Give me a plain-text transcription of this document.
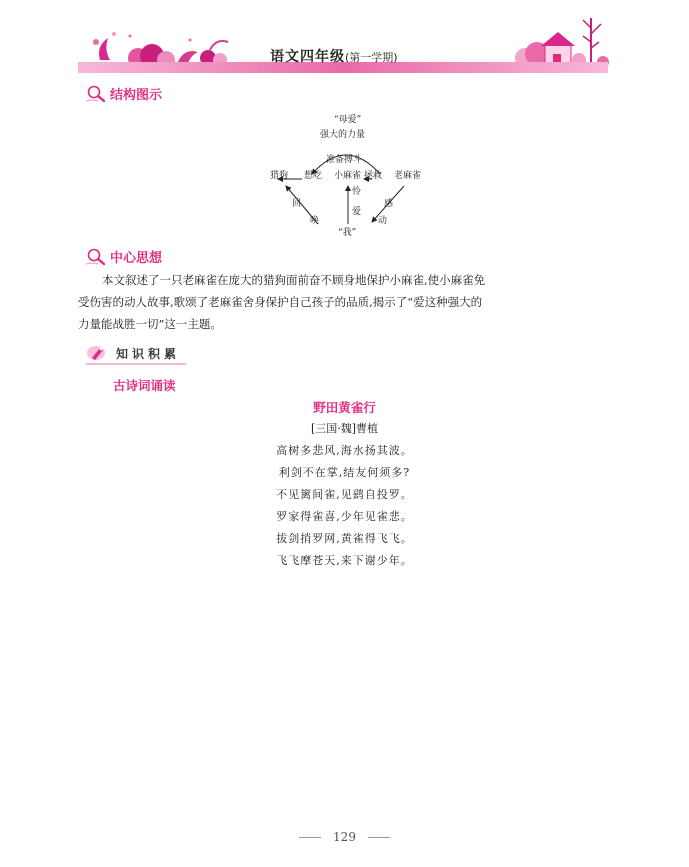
语文四年级(第一学期)
结构图示
“母爱”
强大的力量
准备搏斗
猎狗 想吃 小麻雀 拯救 老麻雀
回
唤
怜
爱
感
动
“我”
中心思想
本文叙述了一只老麻雀在庞大的猎狗面前奋不顾身地保护小麻雀,使小麻雀免
受伤害的动人故事,歌颂了老麻雀舍身保护自己孩子的品质,揭示了“爱这种强大的
力量能战胜一切”这一主题。
知识积累
古诗词诵读
野田黄雀行
[三国·魏]曹植
高树多悲风,海水扬其波。
利剑不在掌,结友何须多?
不见篱间雀,见鹞自投罗。
罗家得雀喜,少年见雀悲。
拔剑捎罗网,黄雀得飞飞。
飞飞摩苍天,来下谢少年。
129
